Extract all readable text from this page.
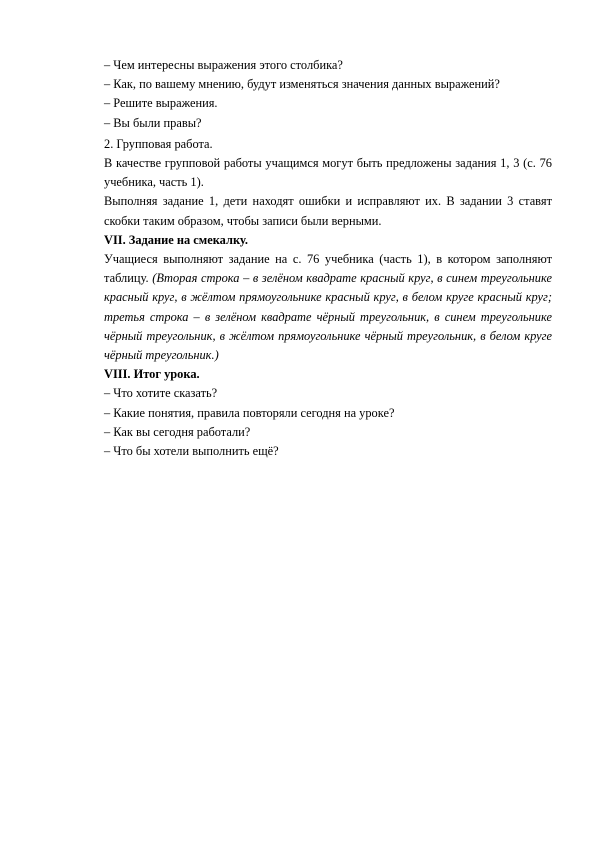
– Чем интересны выражения этого столбика?

– Как, по вашему мнению, будут изменяться значения данных выражений?

– Решите выражения.

– Вы были правы?

2. Групповая работа.

В качестве групповой работы учащимся могут быть предложены задания 1, 3 (с. 76 учебника, часть 1).

Выполняя задание 1, дети находят ошибки и исправляют их. В задании 3 ставят скобки таким образом, чтобы записи были верными.

VII. Задание на смекалку.

Учащиеся выполняют задание на с. 76 учебника (часть 1), в котором заполняют таблицу. (Вторая строка – в зелёном квадрате красный круг, в синем треугольнике красный круг, в жёлтом прямоугольнике красный круг, в белом круге красный круг; третья строка – в зелёном квадрате чёрный треугольник, в синем треугольнике чёрный треугольник, в жёлтом прямоугольнике чёрный треугольник, в белом круге чёрный треугольник.)

VIII. Итог урока.

– Что хотите сказать?

– Какие понятия, правила повторяли сегодня на уроке?

– Как вы сегодня работали?

– Что бы хотели выполнить ещё?
